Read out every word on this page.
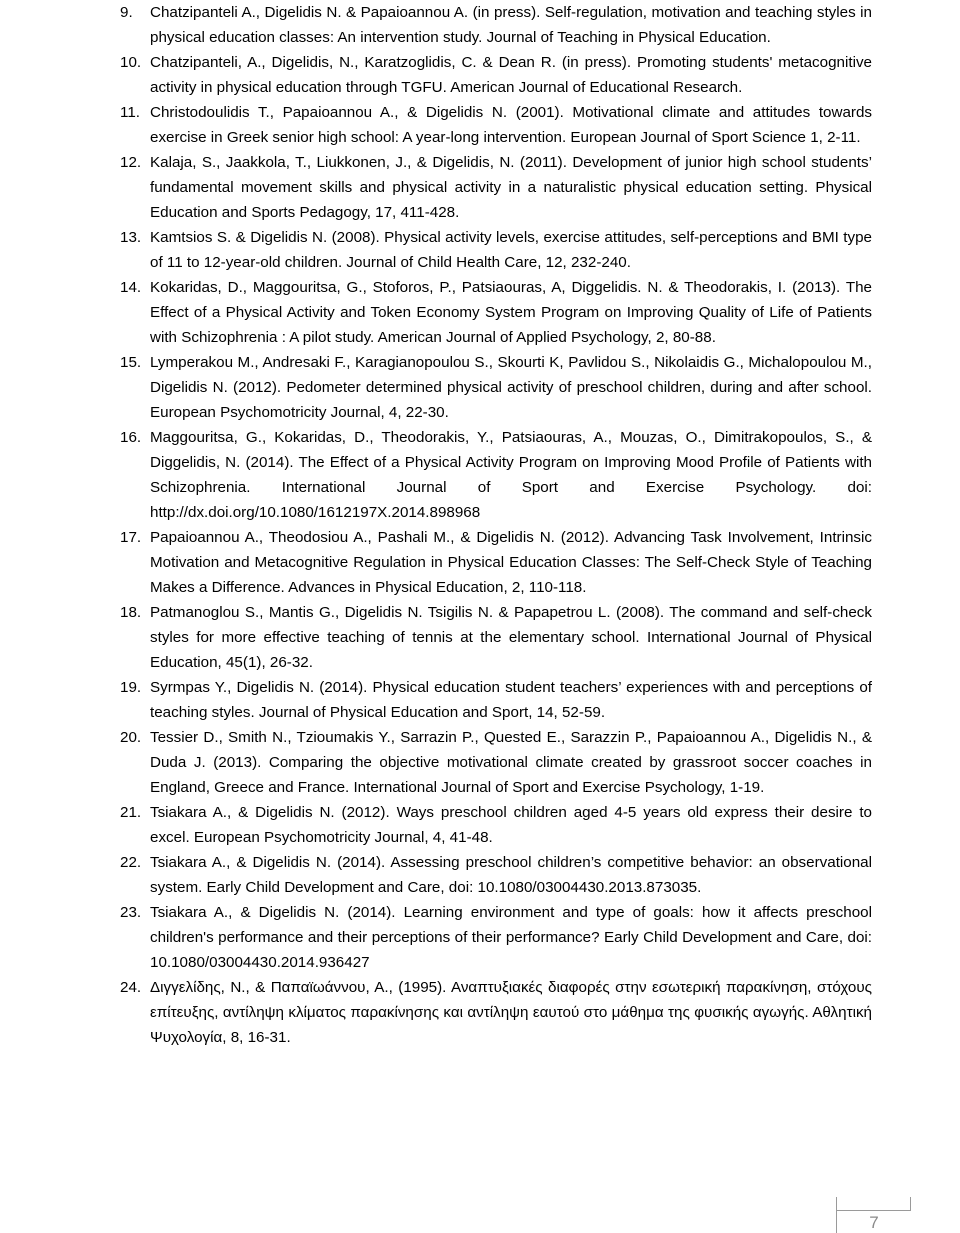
9.	Chatzipanteli A., Digelidis N. & Papaioannou A. (in press). Self-regulation, motivation and teaching styles in physical education classes: An intervention study. Journal of Teaching in Physical Education.
10. Chatzipanteli, A., Digelidis, N., Karatzoglidis, C. & Dean R. (in press). Promoting students' metacognitive activity in physical education through TGFU. American Journal of Educational Research.
11. Christodoulidis T., Papaioannou A., & Digelidis N. (2001). Motivational climate and attitudes towards exercise in Greek senior high school: A year-long intervention. European Journal of Sport Science 1, 2-11.
12. Kalaja, S., Jaakkola, T., Liukkonen, J., & Digelidis, N. (2011). Development of junior high school students’ fundamental movement skills and physical activity in a naturalistic physical education setting. Physical Education and Sports Pedagogy, 17, 411-428.
13. Kamtsios S. & Digelidis N. (2008). Physical activity levels, exercise attitudes, self-perceptions and BMI type of 11 to 12-year-old children. Journal of Child Health Care, 12, 232-240.
14. Kokaridas, D., Maggouritsa, G., Stoforos, P., Patsiaouras, A, Diggelidis. N. & Theodorakis, I. (2013). The Effect of a Physical Activity and Token Economy System Program on Improving Quality of Life of Patients with Schizophrenia : A pilot study. American Journal of Applied Psychology, 2, 80-88.
15. Lymperakou M., Andresaki F., Karagianopoulou S., Skourti K, Pavlidou S., Nikolaidis G., Michalopoulou M., Digelidis N. (2012). Pedometer determined physical activity of preschool children, during and after school. European Psychomotricity Journal, 4, 22-30.
16. Maggouritsa, G., Kokaridas, D., Theodorakis, Y., Patsiaouras, A., Mouzas, O., Dimitrakopoulos, S., & Diggelidis, N. (2014). The Effect of a Physical Activity Program on Improving Mood Profile of Patients with Schizophrenia. International Journal of Sport and Exercise Psychology. doi: http://dx.doi.org/10.1080/1612197X.2014.898968
17. Papaioannou A., Theodosiou A., Pashali M., & Digelidis N. (2012). Advancing Task Involvement, Intrinsic Motivation and Metacognitive Regulation in Physical Education Classes: The Self-Check Style of Teaching Makes a Difference. Advances in Physical Education, 2, 110-118.
18. Patmanoglou S., Mantis G., Digelidis N. Tsigilis N. & Papapetrou L. (2008). The command and self-check styles for more effective teaching of tennis at the elementary school. International Journal of Physical Education, 45(1), 26-32.
19. Syrmpas Y., Digelidis N. (2014). Physical education student teachers’ experiences with and perceptions of teaching styles. Journal of Physical Education and Sport, 14, 52-59.
20. Tessier D., Smith N., Tzioumakis Y., Sarrazin P., Quested E., Sarazzin P., Papaioannou A., Digelidis N., & Duda J. (2013). Comparing the objective motivational climate created by grassroot soccer coaches in England, Greece and France. International Journal of Sport and Exercise Psychology, 1-19.
21. Tsiakara A., & Digelidis N. (2012). Ways preschool children aged 4-5 years old express their desire to excel. European Psychomotricity Journal, 4, 41-48.
22. Tsiakara A., & Digelidis N. (2014). Assessing preschool children’s competitive behavior: an observational system. Early Child Development and Care, doi: 10.1080/03004430.2013.873035.
23. Tsiakara A., & Digelidis N. (2014). Learning environment and type of goals: how it affects preschool children's performance and their perceptions of their performance? Early Child Development and Care, doi: 10.1080/03004430.2014.936427
24. Διγγελίδης, Ν., & Παπαϊωάννου, Α., (1995). Αναπτυξιακές διαφορές στην εσωτερική παρακίνηση, στόχους επίτευξης, αντίληψη κλίματος παρακίνησης και αντίληψη εαυτού στο μάθημα της φυσικής αγωγής. Αθλητική Ψυχολογία, 8, 16-31.
7
